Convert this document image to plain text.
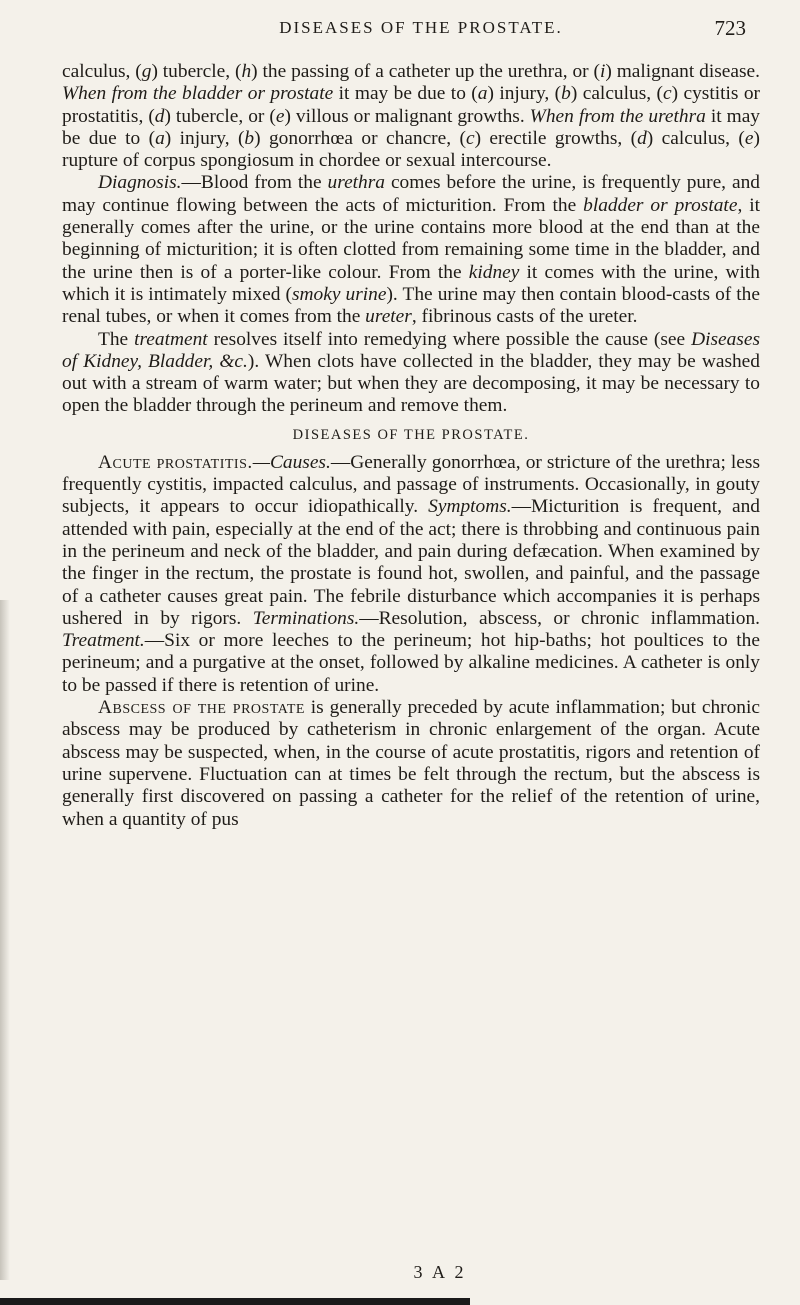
DISEASES OF THE PROSTATE.	723

calculus, (g) tubercle, (h) the passing of a catheter up the urethra, or (i) malignant disease. When from the bladder or prostate it may be due to (a) injury, (b) calculus, (c) cystitis or prostatitis, (d) tubercle, or (e) villous or malignant growths. When from the urethra it may be due to (a) injury, (b) gonorrhœa or chancre, (c) erectile growths, (d) calculus, (e) rupture of corpus spongiosum in chordee or sexual intercourse.

Diagnosis.—Blood from the urethra comes before the urine, is frequently pure, and may continue flowing between the acts of micturition. From the bladder or prostate, it generally comes after the urine, or the urine contains more blood at the end than at the beginning of micturition; it is often clotted from remaining some time in the bladder, and the urine then is of a porter-like colour. From the kidney it comes with the urine, with which it is intimately mixed (smoky urine). The urine may then contain blood-casts of the renal tubes, or when it comes from the ureter, fibrinous casts of the ureter.

The treatment resolves itself into remedying where possible the cause (see Diseases of Kidney, Bladder, &c.). When clots have collected in the bladder, they may be washed out with a stream of warm water; but when they are decomposing, it may be necessary to open the bladder through the perineum and remove them.

DISEASES OF THE PROSTATE.

Acute prostatitis.—Causes.—Generally gonorrhœa, or stricture of the urethra; less frequently cystitis, impacted calculus, and passage of instruments. Occasionally, in gouty subjects, it appears to occur idiopathically. Symptoms.—Micturition is frequent, and attended with pain, especially at the end of the act; there is throbbing and continuous pain in the perineum and neck of the bladder, and pain during defæcation. When examined by the finger in the rectum, the prostate is found hot, swollen, and painful, and the passage of a catheter causes great pain. The febrile disturbance which accompanies it is perhaps ushered in by rigors. Terminations.—Resolution, abscess, or chronic inflammation. Treatment.—Six or more leeches to the perineum; hot hip-baths; hot poultices to the perineum; and a purgative at the onset, followed by alkaline medicines. A catheter is only to be passed if there is retention of urine.

Abscess of the prostate is generally preceded by acute inflammation; but chronic abscess may be produced by catheterism in chronic enlargement of the organ. Acute abscess may be suspected, when, in the course of acute prostatitis, rigors and retention of urine supervene. Fluctuation can at times be felt through the rectum, but the abscess is generally first discovered on passing a catheter for the relief of the retention of urine, when a quantity of pus

3 A 2
